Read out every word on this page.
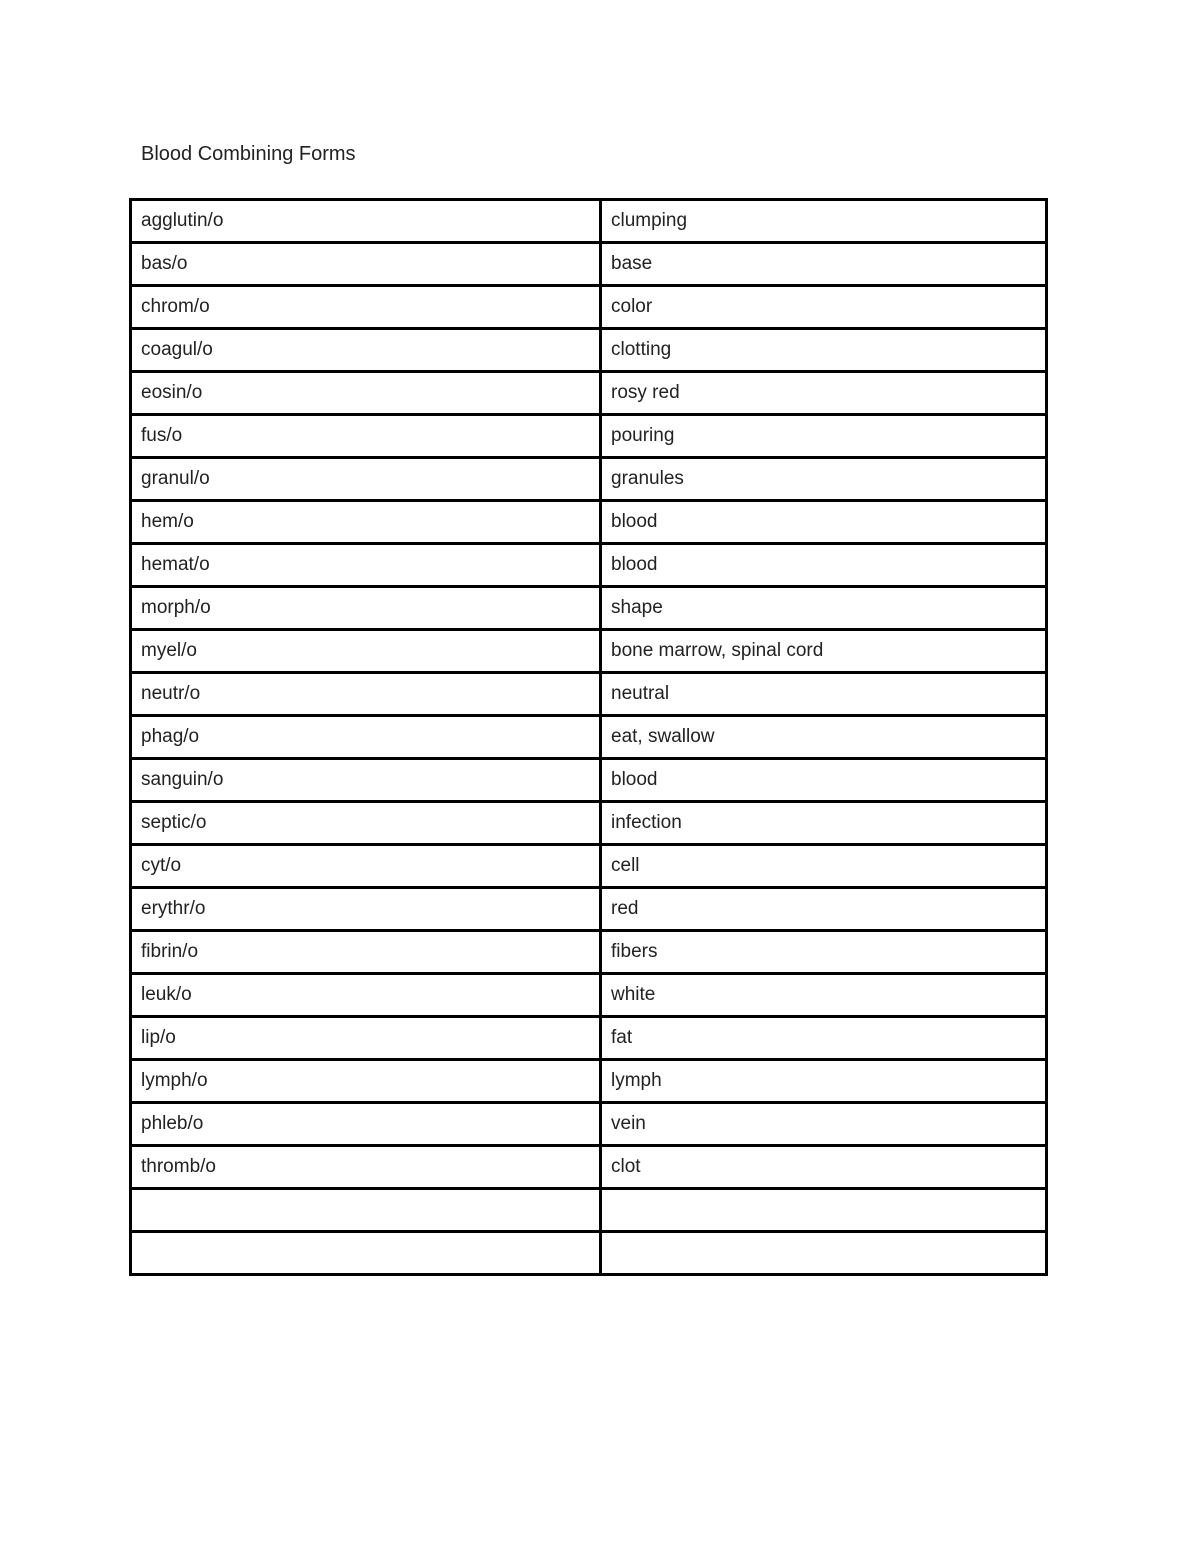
Blood Combining Forms
agglutin/o	clumping
bas/o	base
chrom/o	color
coagul/o	clotting
eosin/o	rosy red
fus/o	pouring
granul/o	granules
hem/o	blood
hemat/o	blood
morph/o	shape
myel/o	bone marrow, spinal cord
neutr/o	neutral
phag/o	eat, swallow
sanguin/o	blood
septic/o	infection
cyt/o	cell
erythr/o	red
fibrin/o	fibers
leuk/o	white
lip/o	fat
lymph/o	lymph
phleb/o	vein
thromb/o	clot
